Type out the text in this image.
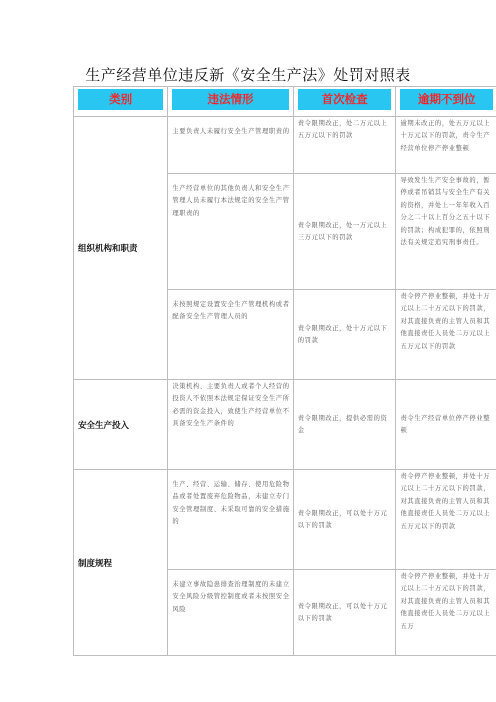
生产经营单位违反新《安全生产法》处罚对照表
类别	违法情形	首次检查	逾期不到位

组织机构和职责	主要负责人未履行安全生产管理职责的	责令限期改正，处二万元以上五万元以下的罚款	逾期未改正的，处五万元以上十万元以下的罚款，责令生产经营单位停产停业整顿
	生产经营单位的其他负责人和安全生产管理人员未履行本法规定的安全生产管理职责的	责令限期改正，处一万元以上三万元以下的罚款	导致发生生产安全事故的，暂停或者吊销其与安全生产有关的资格，并处上一年年收入百分之二十以上百分之五十以下的罚款；构成犯罪的，依照刑法有关规定追究刑事责任。
	未按照规定设置安全生产管理机构或者配备安全生产管理人员的	责令限期改正，处十万元以下的罚款	责令停产停业整顿，并处十万元以上二十万元以下的罚款，对其直接负责的主管人员和其他直接责任人员处二万元以上五万元以下的罚款
安全生产投入	决策机构、主要负责人或者个人经营的投资人不依照本法规定保证安全生产所必需的资金投入，致使生产经营单位不具备安全生产条件的	责令限期改正，提供必需的资金	责令生产经营单位停产停业整顿
制度规程	生产、经营、运输、储存、使用危险物品或者处置废弃危险物品，未建立专门安全管理制度、未采取可靠的安全措施的	责令限期改正，可以处十万元以下的罚款	责令停产停业整顿，并处十万元以上二十万元以下的罚款，对其直接负责的主管人员和其他直接责任人员处二万元以上五万元以下的罚款
	未建立事故隐患排查治理制度的未建立安全风险分级管控制度或者未按照安全风险	责令限期改正，可以处十万元以下的罚款	责令停产停业整顿，并处十万元以上二十万元以下的罚款，对其直接负责的主管人员和其他直接责任人员处二万元以上五万
